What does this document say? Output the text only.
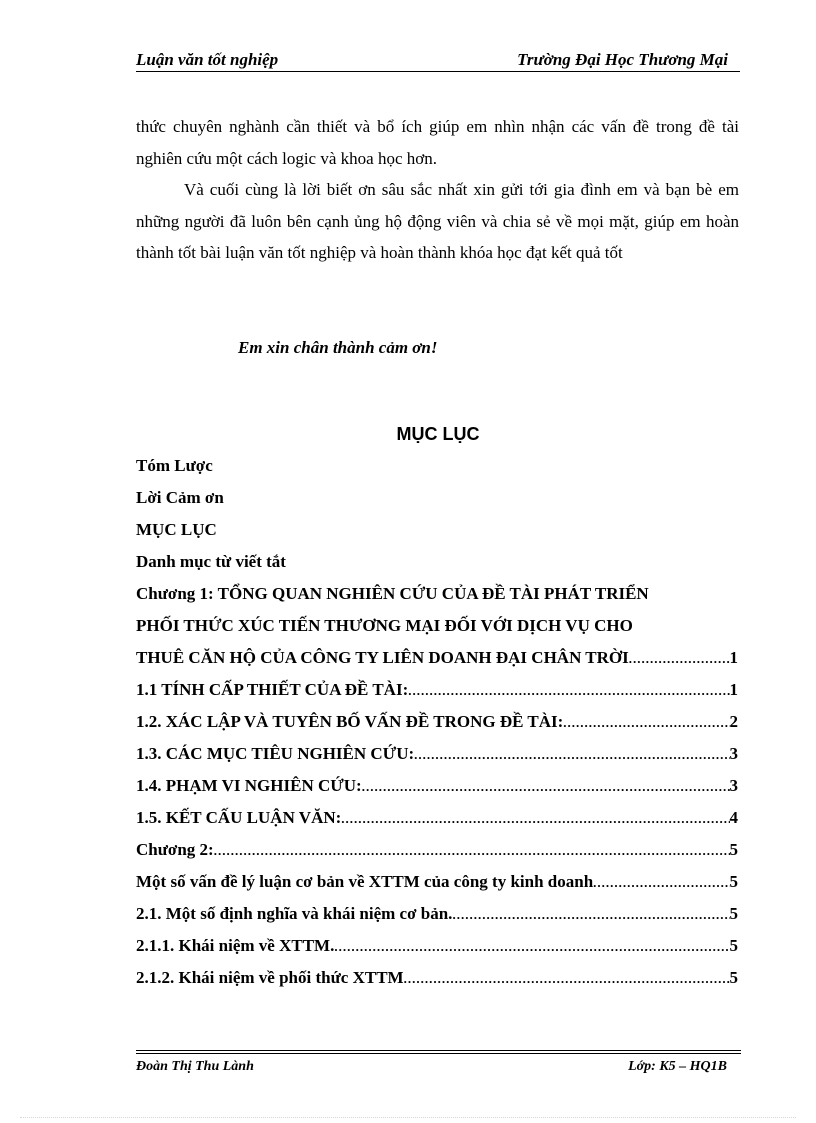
Luận văn tốt nghiệp	Trường Đại Học Thương Mại
thức chuyên nghành cần thiết và bổ ích giúp em nhìn nhận các vấn đề trong đề tài nghiên cứu một cách logic và khoa học hơn.
Và cuối cùng là lời biết ơn sâu sắc nhất xin gửi tới gia đình em và bạn bè em những người đã luôn bên cạnh ủng hộ động viên và chia sẻ về mọi mặt, giúp em hoàn thành tốt bài luận văn tốt nghiệp và hoàn thành khóa học đạt kết quả tốt
Em xin chân thành cảm ơn!
MỤC LỤC
Tóm Lược
Lời Cảm ơn
MỤC LỤC
Danh mục từ viết tắt
Chương 1: TỔNG QUAN NGHIÊN CỨU CỦA ĐỀ TÀI PHÁT TRIỂN
PHỐI THỨC XÚC TIẾN THƯƠNG MẠI ĐỐI VỚI DỊCH VỤ CHO
THUÊ CĂN HỘ CỦA CÔNG TY LIÊN DOANH ĐẠI CHÂN TRỜI .....	1
1.1 TÍNH CẤP THIẾT CỦA ĐỀ TÀI: .....	1
1.2. XÁC LẬP VÀ TUYÊN BỐ VẤN ĐỀ TRONG ĐỀ TÀI: .....	2
1.3. CÁC MỤC TIÊU NGHIÊN CỨU: .....	3
1.4. PHẠM VI NGHIÊN CỨU: .....	3
1.5. KẾT CẤU LUẬN VĂN: .....	4
Chương 2: .....	5
Một số vấn đề lý luận cơ bản về XTTM của công ty kinh doanh .....	5
2.1. Một số định nghĩa và khái niệm cơ bản. .....	5
2.1.1. Khái niệm về XTTM. .....	5
2.1.2. Khái niệm về phối thức XTTM .....	5
Đoàn Thị Thu Lành	Lớp: K5 – HQ1B
